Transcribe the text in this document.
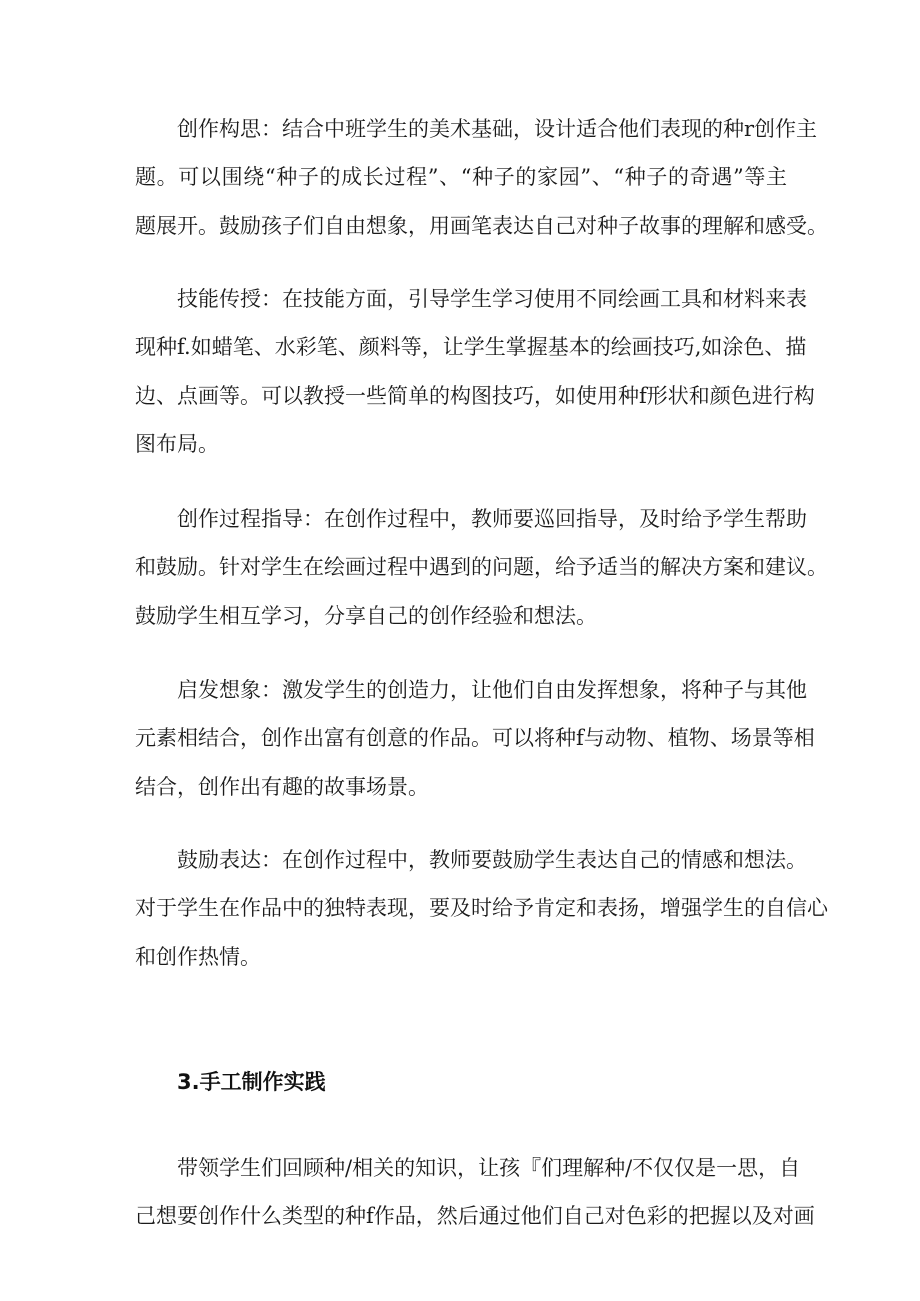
创作构思：结合中班学生的美术基础，设计适合他们表现的种r创作主
题。可以围绕“种子的成长过程”、“种子的家园”、“种子的奇遇”等主
题展开。鼓励孩子们自由想象，用画笔表达自己对种子故事的理解和感受。
技能传授：在技能方面，引导学生学习使用不同绘画工具和材料来表
现种f.如蜡笔、水彩笔、颜料等，让学生掌握基本的绘画技巧,如涂色、描
边、点画等。可以教授一些简单的构图技巧，如使用种f形状和颜色进行构
图布局。
创作过程指导：在创作过程中，教师要巡回指导，及时给予学生帮助
和鼓励。针对学生在绘画过程中遇到的问题，给予适当的解决方案和建议。
鼓励学生相互学习，分享自己的创作经验和想法。
启发想象：激发学生的创造力，让他们自由发挥想象，将种子与其他
元素相结合，创作出富有创意的作品。可以将种f与动物、植物、场景等相
结合，创作出有趣的故事场景。
鼓励表达：在创作过程中，教师要鼓励学生表达自己的情感和想法。
对于学生在作品中的独特表现，要及时给予肯定和表扬，增强学生的自信心
和创作热情。
3.手工制作实践
带领学生们回顾种/相关的知识，让孩『们理解种/不仅仅是一思，自
己想要创作什么类型的种f作品，然后通过他们自己对色彩的把握以及对画
